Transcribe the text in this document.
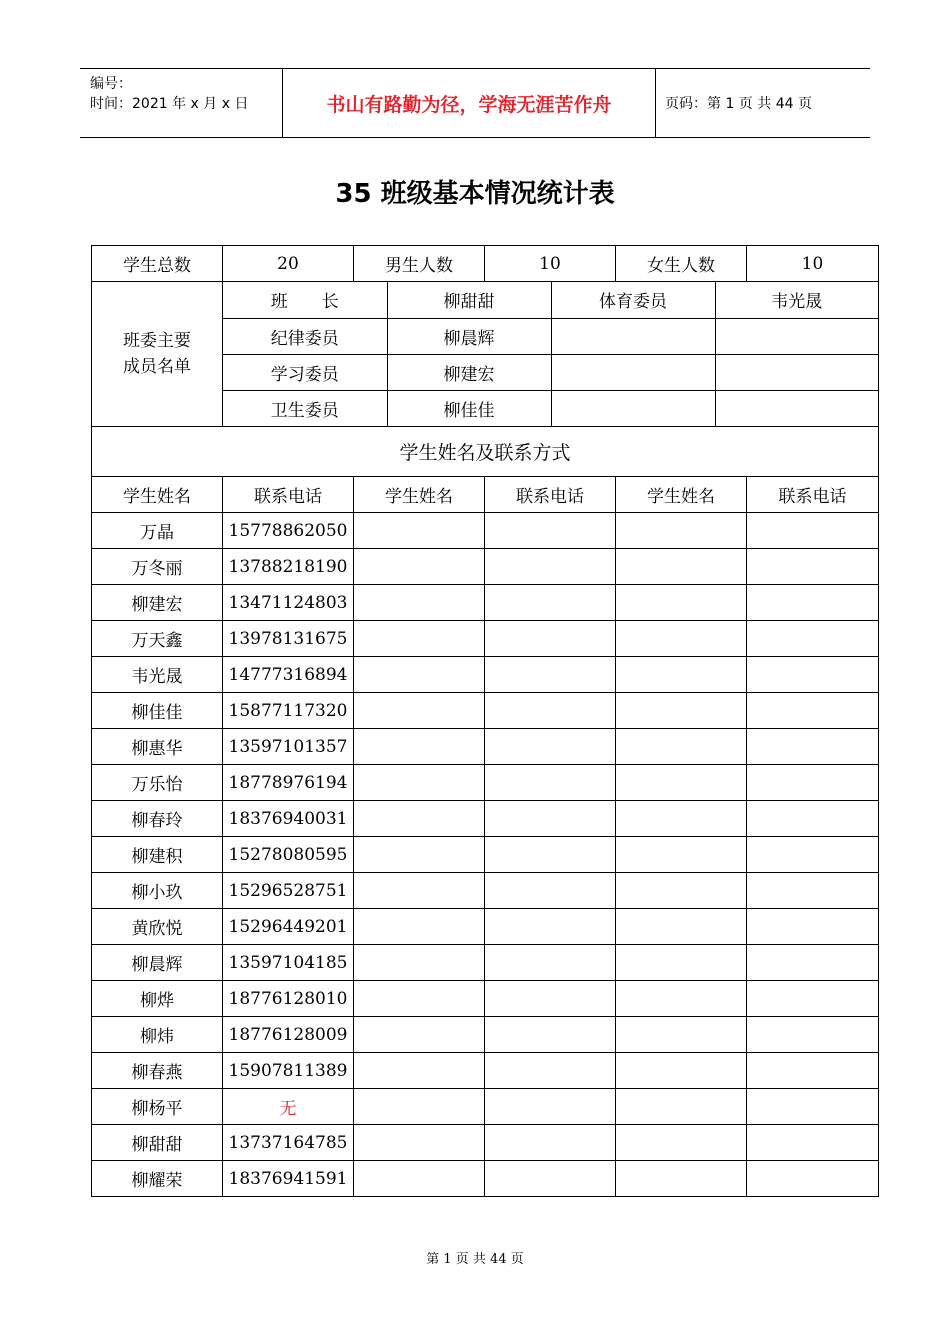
编号：
时间：2021 年 x 月 x 日	书山有路勤为径，学海无涯苦作舟	页码：第 1 页 共 44 页
35 班级基本情况统计表
学生总数	20	男生人数	10	女生人数	10
班委主要成员名单	
班　　长	柳甜甜	体育委员	韦光晟
纪律委员	柳晨辉		
学习委员	柳建宏		
卫生委员	柳佳佳		

学生姓名及联系方式
学生姓名	联系电话	学生姓名	联系电话	学生姓名	联系电话
万晶	15778862050				
万冬丽	13788218190				
柳建宏	13471124803				
万天鑫	13978131675				
韦光晟	14777316894				
柳佳佳	15877117320				
柳惠华	13597101357				
万乐怡	18778976194				
柳春玲	18376940031				
柳建积	15278080595				
柳小玖	15296528751				
黄欣悦	15296449201				
柳晨辉	13597104185				
柳烨	18776128010				
柳炜	18776128009				
柳春燕	15907811389				
柳杨平	无				
柳甜甜	13737164785				
柳耀荣	18376941591				
第 1 页 共 44 页
